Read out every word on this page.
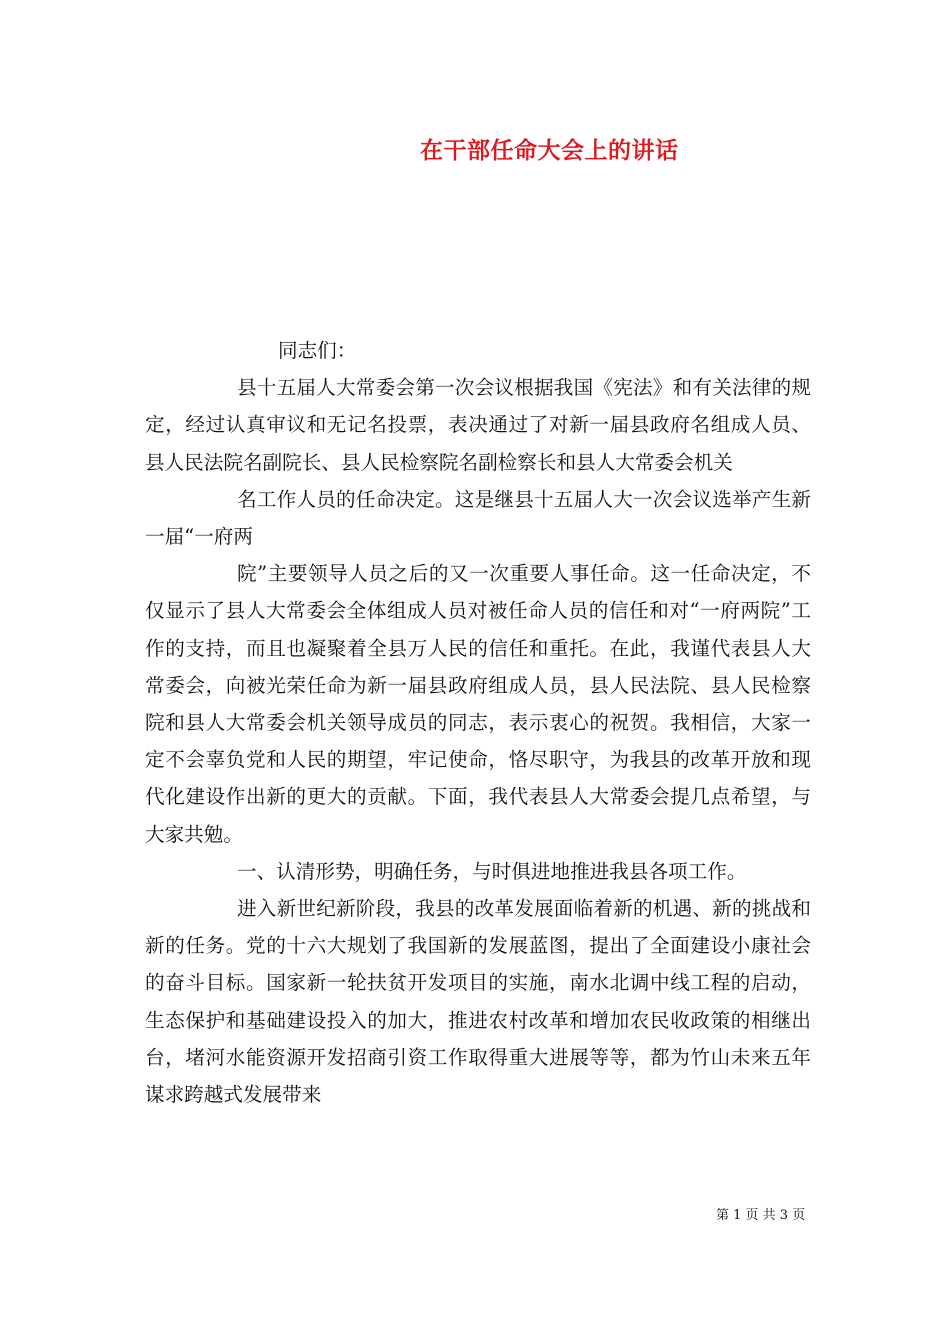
在干部任命大会上的讲话

同志们：

县十五届人大常委会第一次会议根据我国《宪法》和有关法律的规定，经过认真审议和无记名投票，表决通过了对新一届县政府名组成人员、县人民法院名副院长、县人民检察院名副检察长和县人大常委会机关

名工作人员的任命决定。这是继县十五届人大一次会议选举产生新一届“一府两

院”主要领导人员之后的又一次重要人事任命。这一任命决定，不仅显示了县人大常委会全体组成人员对被任命人员的信任和对“一府两院”工作的支持，而且也凝聚着全县万人民的信任和重托。在此，我谨代表县人大常委会，向被光荣任命为新一届县政府组成人员，县人民法院、县人民检察院和县人大常委会机关领导成员的同志，表示衷心的祝贺。我相信，大家一定不会辜负党和人民的期望，牢记使命，恪尽职守，为我县的改革开放和现代化建设作出新的更大的贡献。下面，我代表县人大常委会提几点希望，与大家共勉。

一、认清形势，明确任务，与时俱进地推进我县各项工作。

进入新世纪新阶段，我县的改革发展面临着新的机遇、新的挑战和新的任务。党的十六大规划了我国新的发展蓝图，提出了全面建设小康社会的奋斗目标。国家新一轮扶贫开发项目的实施，南水北调中线工程的启动，生态保护和基础建设投入的加大，推进农村改革和增加农民收政策的相继出台，堵河水能资源开发招商引资工作取得重大进展等等，都为竹山未来五年谋求跨越式发展带来

第 1 页 共 3 页
